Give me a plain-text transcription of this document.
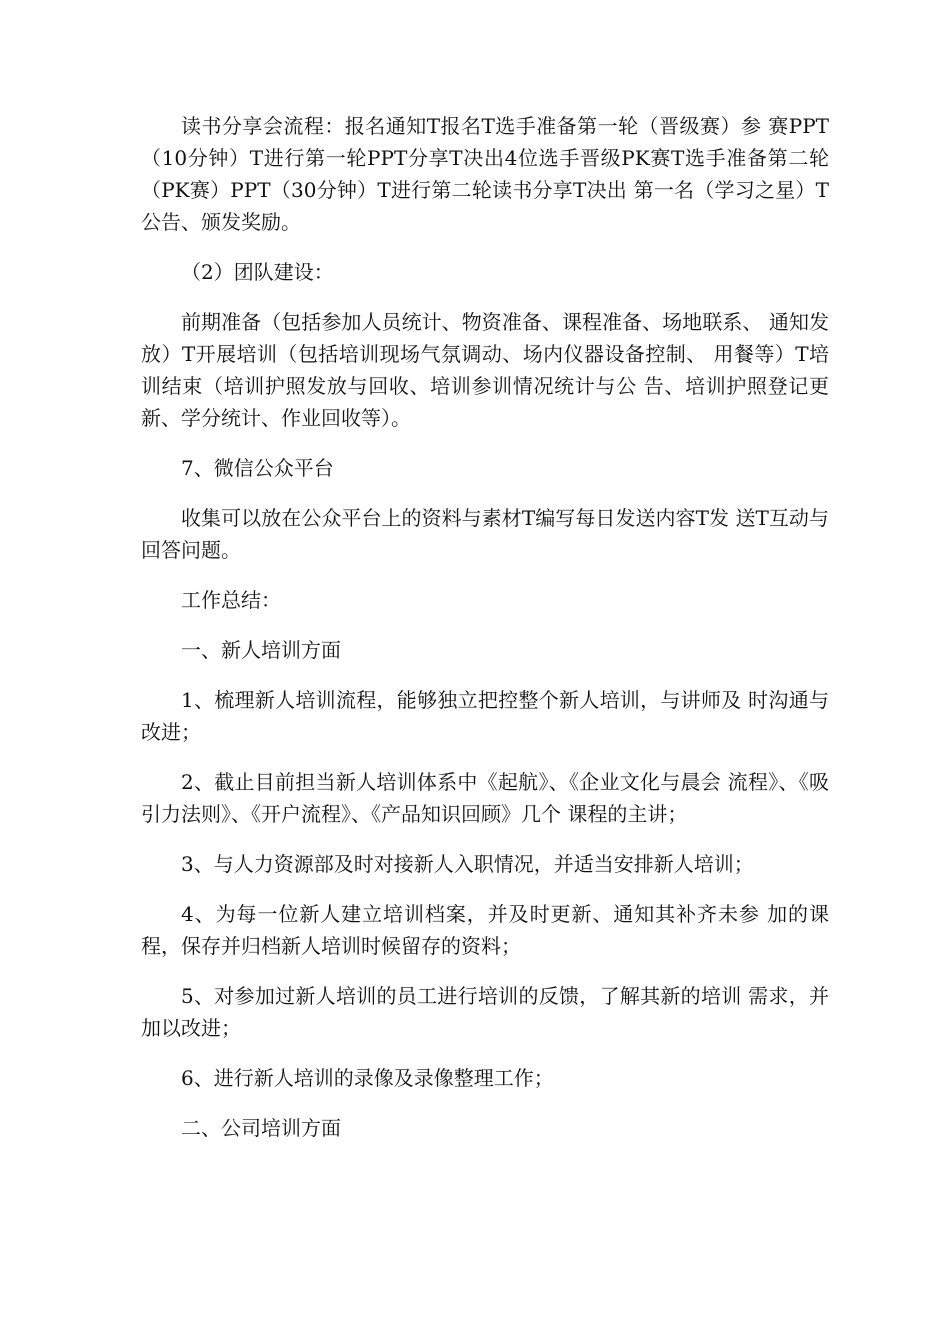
读书分享会流程：报名通知T报名T选手准备第一轮（晋级赛）参 赛PPT（10分钟）T进行第一轮PPT分享T决出4位选手晋级PK赛T选手准备第二轮（PK赛）PPT（30分钟）T进行第二轮读书分享T决出 第一名（学习之星）T公告、颁发奖励。

（2）团队建设：

前期准备（包括参加人员统计、物资准备、课程准备、场地联系、 通知发放）T开展培训（包括培训现场气氛调动、场内仪器设备控制、 用餐等）T培训结束（培训护照发放与回收、培训参训情况统计与公 告、培训护照登记更新、学分统计、作业回收等）。

7、微信公众平台

收集可以放在公众平台上的资料与素材T编写每日发送内容T发 送T互动与回答问题。

工作总结：

一、新人培训方面

1、梳理新人培训流程，能够独立把控整个新人培训，与讲师及 时沟通与改进；

2、截止目前担当新人培训体系中《起航》、《企业文化与晨会 流程》、《吸引力法则》、《开户流程》、《产品知识回顾》几个 课程的主讲；

3、与人力资源部及时对接新人入职情况，并适当安排新人培训；

4、为每一位新人建立培训档案，并及时更新、通知其补齐未参 加的课程，保存并归档新人培训时候留存的资料；

5、对参加过新人培训的员工进行培训的反馈，了解其新的培训 需求，并加以改进；

6、进行新人培训的录像及录像整理工作；

二、公司培训方面
